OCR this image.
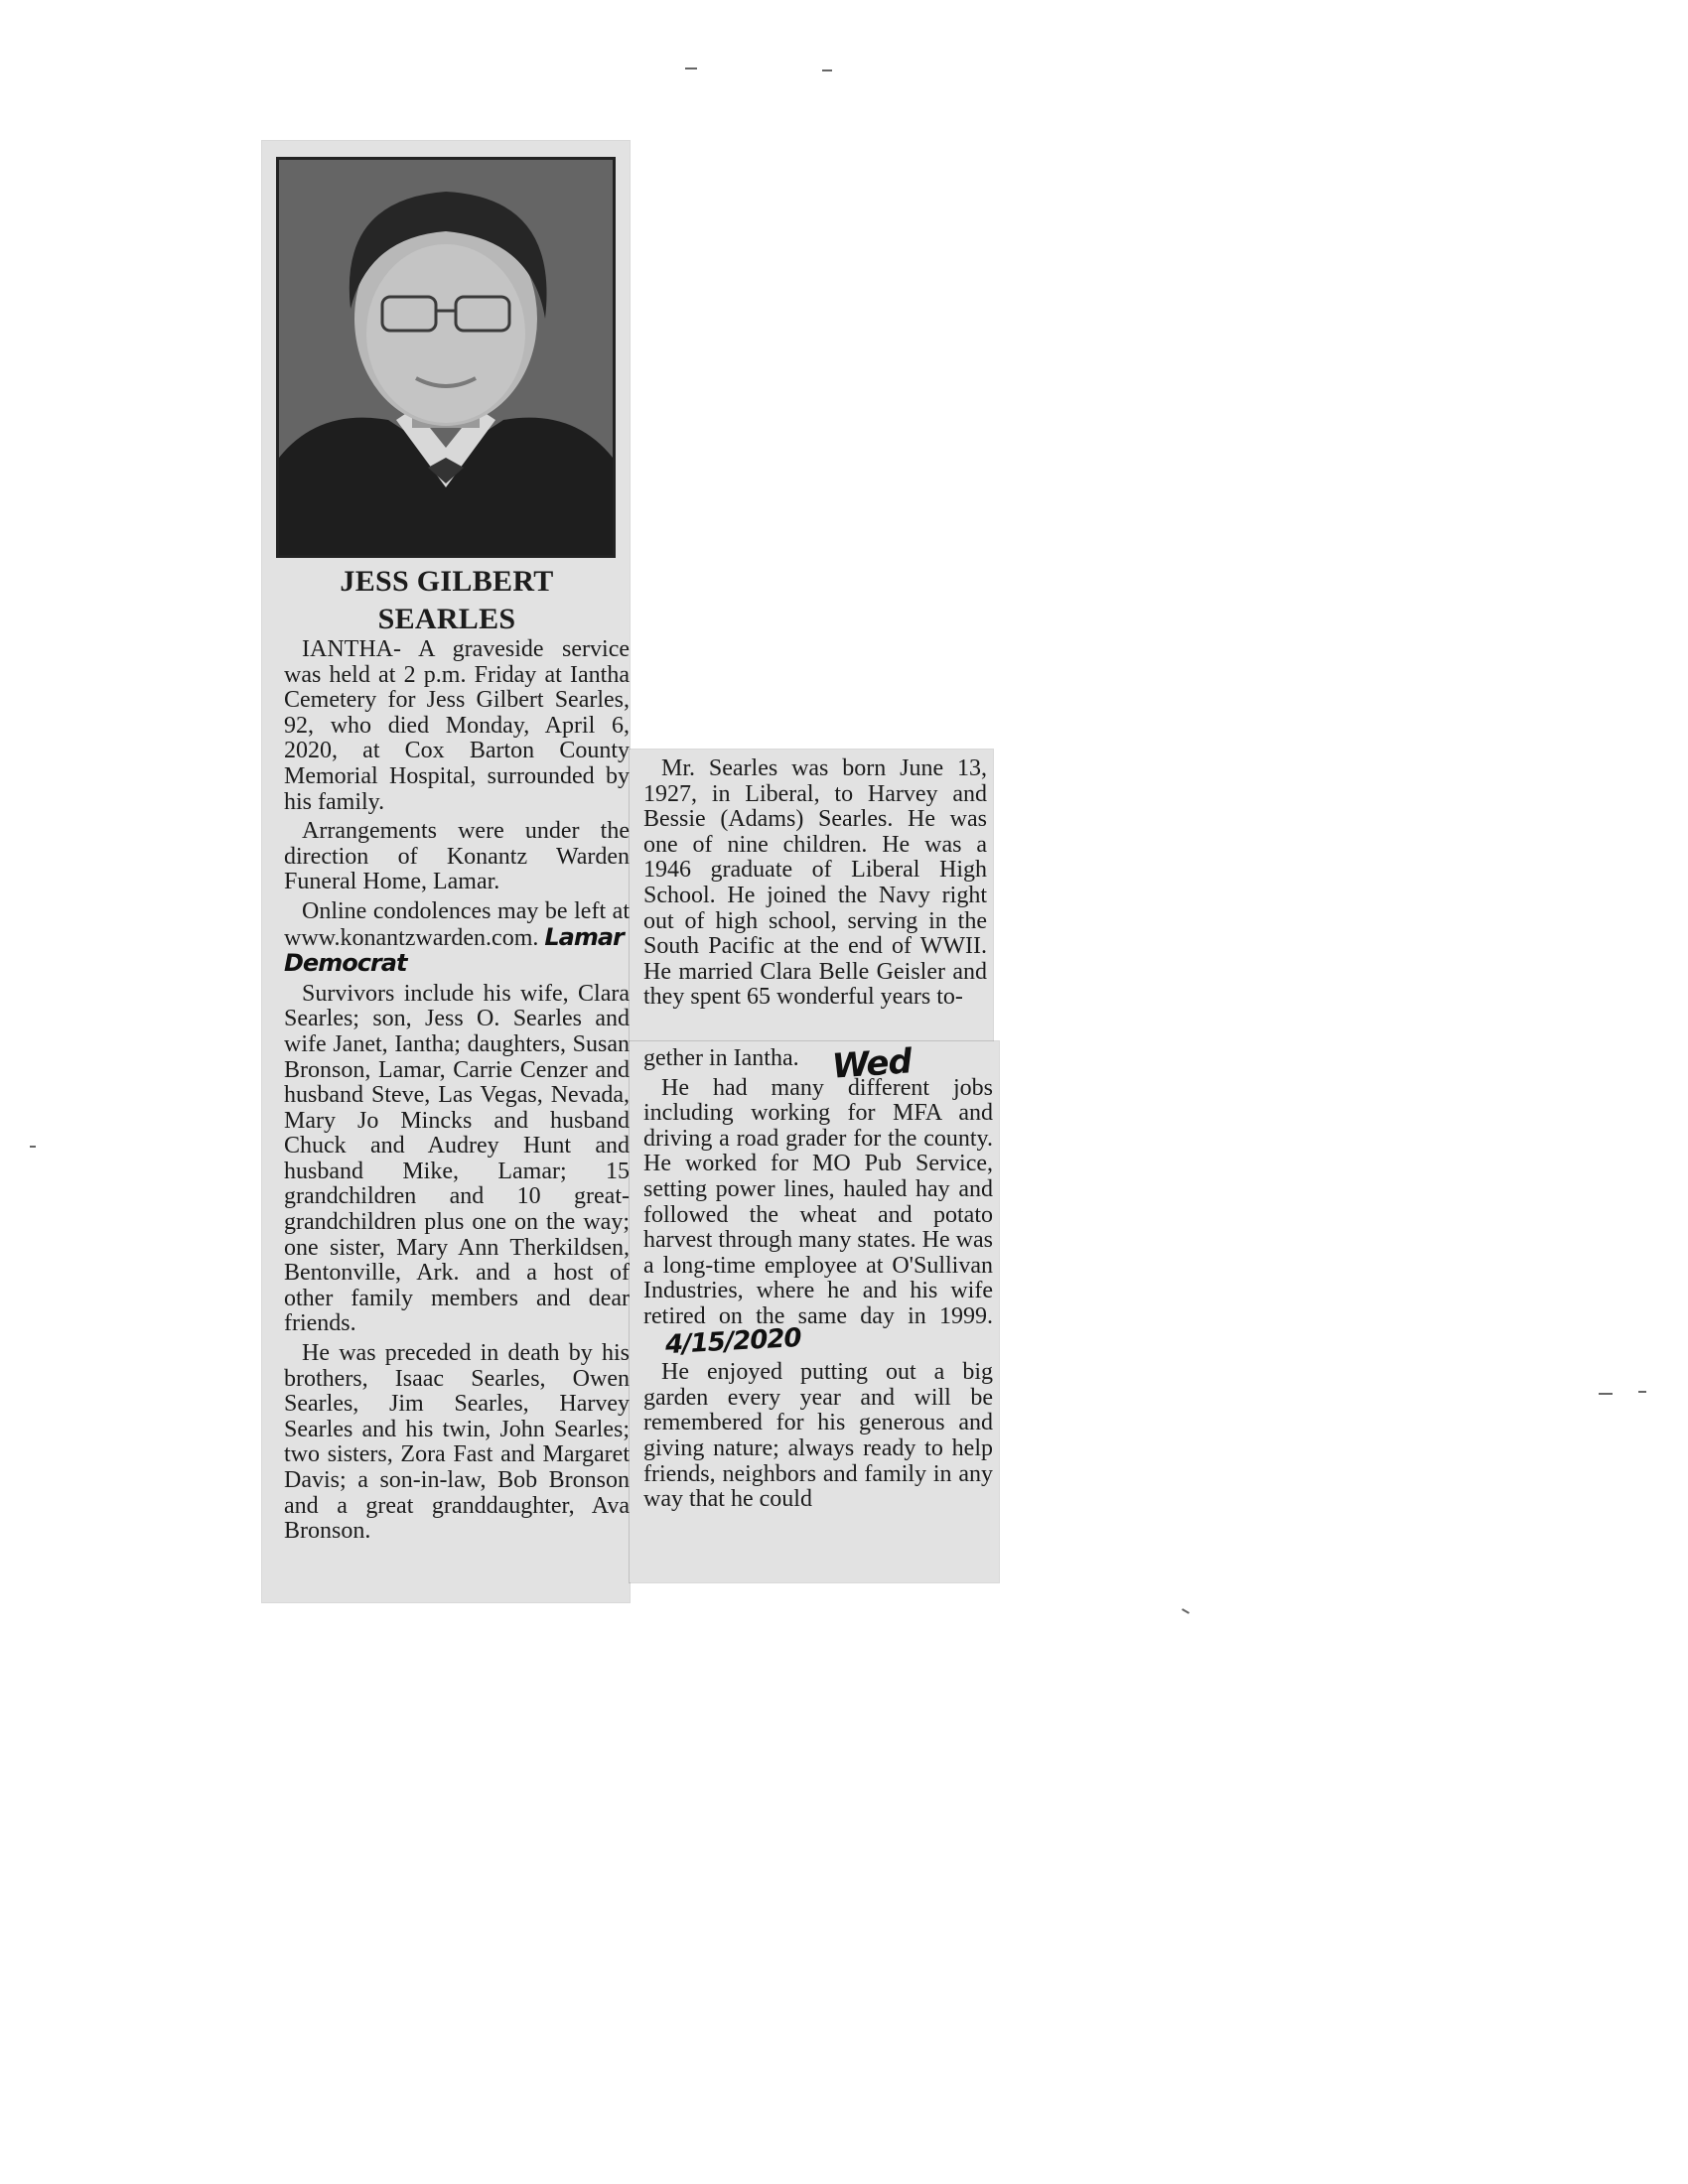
JESS GILBERT
SEARLES

IANTHA- A graveside service was held at 2 p.m. Friday at Iantha Cemetery for Jess Gilbert Searles, 92, who died Monday, April 6, 2020, at Cox Barton County Memorial Hospital, surrounded by his family.

Arrangements were under the direction of Konantz Warden Funeral Home, Lamar.

Online condolences may be left at www.konantzwarden.com. Lamar Democrat

Survivors include his wife, Clara Searles; son, Jess O. Searles and wife Janet, Iantha; daughters, Susan Bronson, Lamar, Carrie Cenzer and husband Steve, Las Vegas, Nevada, Mary Jo Mincks and husband Chuck and Audrey Hunt and husband Mike, Lamar; 15 grandchildren and 10 great-grandchildren plus one on the way; one sister, Mary Ann Therkildsen, Bentonville, Ark. and a host of other family members and dear friends.

He was preceded in death by his brothers, Isaac Searles, Owen Searles, Jim Searles, Harvey Searles and his twin, John Searles; two sisters, Zora Fast and Margaret Davis; a son-in-law, Bob Bronson and a great granddaughter, Ava Bronson.

Mr. Searles was born June 13, 1927, in Liberal, to Harvey and Bessie (Adams) Searles. He was one of nine children. He was a 1946 graduate of Liberal High School. He joined the Navy right out of high school, serving in the South Pacific at the end of WWII. He married Clara Belle Geisler and they spent 65 wonderful years to-

gether in Iantha.

He had many different jobs including working for MFA and driving a road grader for the county. He worked for MO Pub Service, setting power lines, hauled hay and followed the wheat and potato harvest through many states. He was a long-time employee at O'Sullivan Industries, where he and his wife retired on the same day in 1999.4/15/2020

He enjoyed putting out a big garden every year and will be remembered for his generous and giving nature; always ready to help friends, neighbors and family in any way that he could

Wed
